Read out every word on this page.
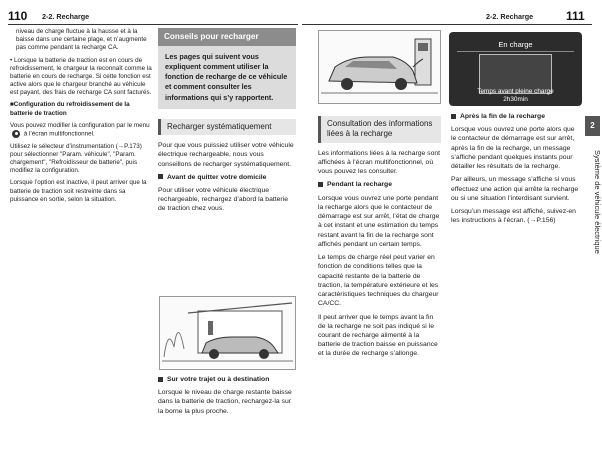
110 2-2. Recharge	2-2. Recharge	111

niveau de charge fluctue à la hausse et à la baisse dans une certaine plage, et n’augmente pas comme pendant la recharge CA.

• Lorsque la batterie de traction est en cours de refroidissement, le chargeur la reconnaît comme la batterie en cours de recharge. Si cette fonction est active alors que le chargeur branché au véhicule est payant, des frais de recharge CA sont facturés.

■Configuration du refroidissement de la batterie de traction

Vous pouvez modifier la configuration par le menu  à l’écran multifonctionnel.

Utilisez le sélecteur d’instrumentation (→P.173) pour sélectionner "Param. véhicule", "Param. chargement", "Refroidisseur de batterie", puis modifiez la configuration.

Lorsque l’option est inactive, il peut arriver que la batterie de traction soit restreinte dans sa puissance en sortie, selon la situation.

Conseils pour recharger
Les pages qui suivent vous expliquent comment utiliser la fonction de recharge de ce véhicule et comment consulter les informations qui s’y rapportent.
Recharger systématiquement

Pour que vous puissiez utiliser votre véhicule électrique rechargeable, nous vous conseillons de recharger systématiquement.

Avant de quitter votre domicile

Pour utiliser votre véhicule électrique rechargeable, rechargez d’abord la batterie de traction chez vous.

Sur votre trajet ou à destination

Lorsque le niveau de charge restante baisse dans la batterie de traction, rechargez-la sur la borne la plus proche.

Consultation des informations liées à la recharge

Les informations liées à la recharge sont affichées à l’écran multifonctionnel, où vous pouvez les consulter.

Pendant la recharge

Lorsque vous ouvrez une porte pendant la recharge alors que le contacteur de démarrage est sur arrêt, l’état de charge à cet instant et une estimation du temps restant avant la fin de la recharge sont affichés pendant un certain temps.

Le temps de charge réel peut varier en fonction de conditions telles que la capacité restante de la batterie de traction, la température extérieure et les caractéristiques techniques du chargeur CA/CC.

Il peut arriver que le temps avant la fin de la recharge ne soit pas indiqué si le courant de recharge alimenté à la batterie de traction baisse en puissance et la durée de recharge s’allonge.

En charge
Temps avant pleine charge
2h30min

Après la fin de la recharge

Lorsque vous ouvrez une porte alors que le contacteur de démarrage est sur arrêt, après la fin de la recharge, un message s’affiche pendant quelques instants pour détailler les résultats de la recharge.

Par ailleurs, un message s’affiche si vous effectuez une action qui arrête la recharge ou si une situation l’interdisant survient.

Lorsqu’un message est affiché, suivez-en les instructions à l’écran. (→P.156)

2
Système de véhicule électrique
